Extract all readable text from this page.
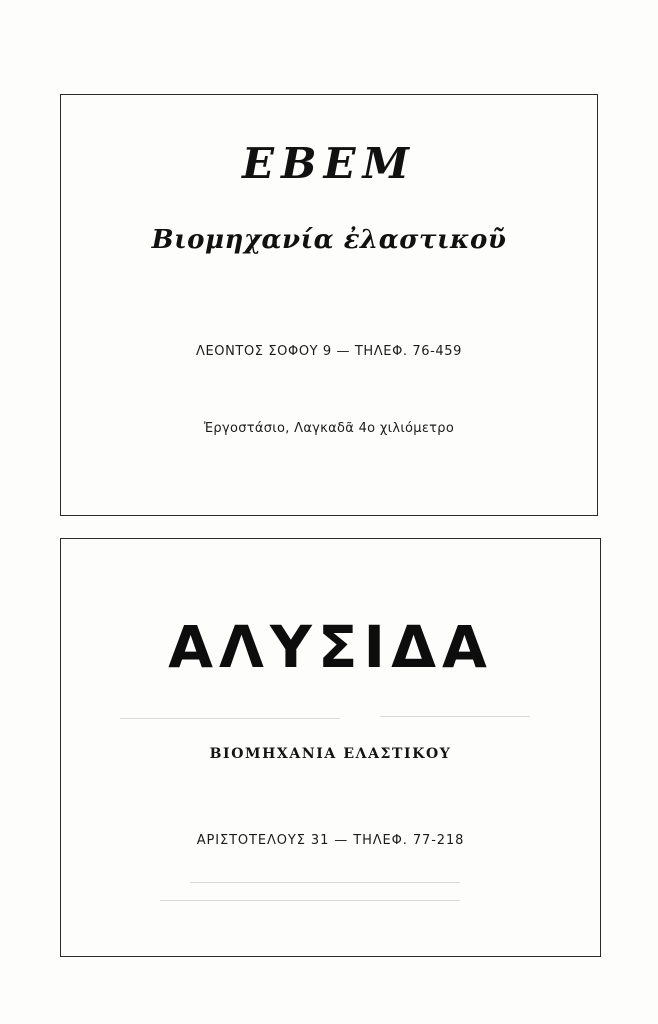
EBEM
Βιομηχανία ἐλαστικοῦ
ΛΕΟΝΤΟΣ ΣΟΦΟΥ 9 — ΤΗΛΕΦ. 76-459
Ἐργοστάσιο, Λαγκαδᾶ 4ο χιλιόμετρο
ΑΛΥΣΙΔΑ
ΒΙΟΜΗΧΑΝΙΑ ΕΛΑΣΤΙΚΟΥ
ΑΡΙΣΤΟΤΕΛΟΥΣ 31 — ΤΗΛΕΦ. 77-218
